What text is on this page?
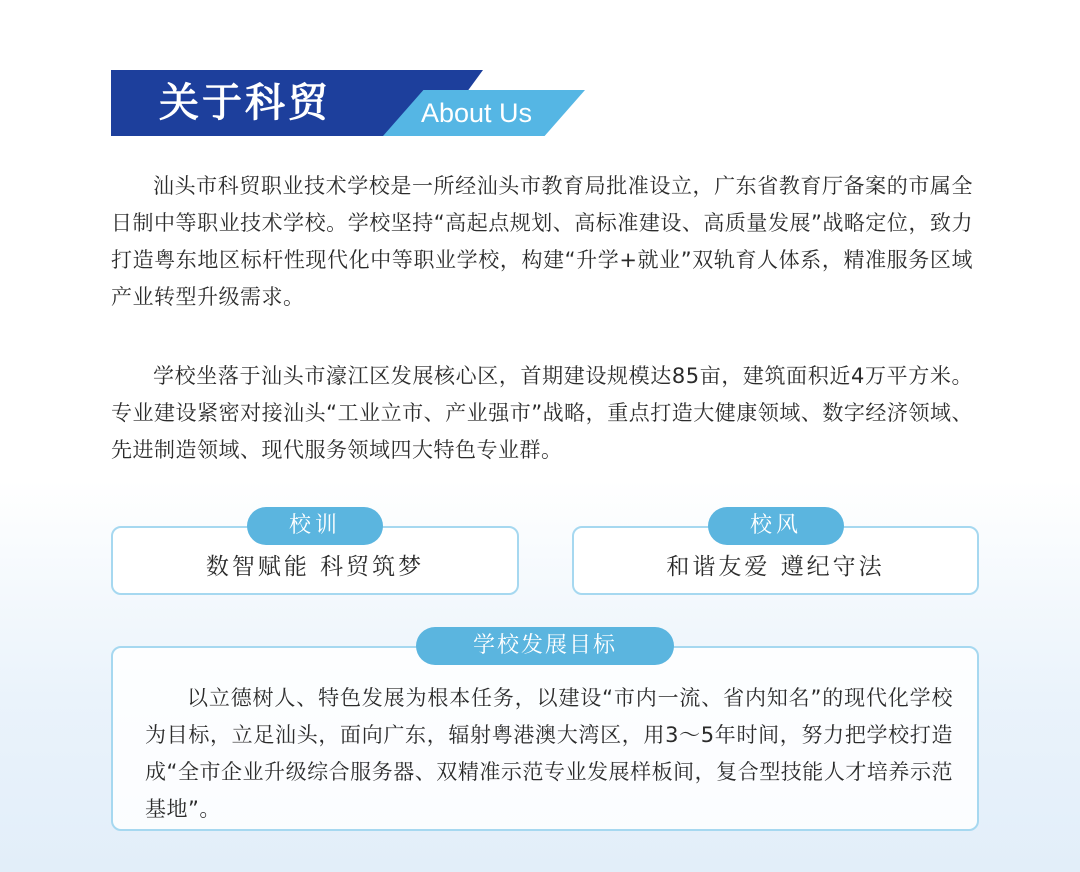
关于科贸	About Us

汕头市科贸职业技术学校是一所经汕头市教育局批准设立，广东省教育厅备案的市属全日制中等职业技术学校。学校坚持“高起点规划、高标准建设、高质量发展”战略定位，致力打造粤东地区标杆性现代化中等职业学校，构建“升学+就业”双轨育人体系，精准服务区域产业转型升级需求。

学校坐落于汕头市濠江区发展核心区，首期建设规模达85亩，建筑面积近4万平方米。专业建设紧密对接汕头“工业立市、产业强市”战略，重点打造大健康领域、数字经济领域、先进制造领域、现代服务领域四大特色专业群。

数智赋能 科贸筑梦
校训
和谐友爱 遵纪守法
校风

以立德树人、特色发展为根本任务，以建设“市内一流、省内知名”的现代化学校为目标，立足汕头，面向广东，辐射粤港澳大湾区，用3～5年时间，努力把学校打造成“全市企业升级综合服务器、双精准示范专业发展样板间，复合型技能人才培养示范基地”。

学校发展目标
